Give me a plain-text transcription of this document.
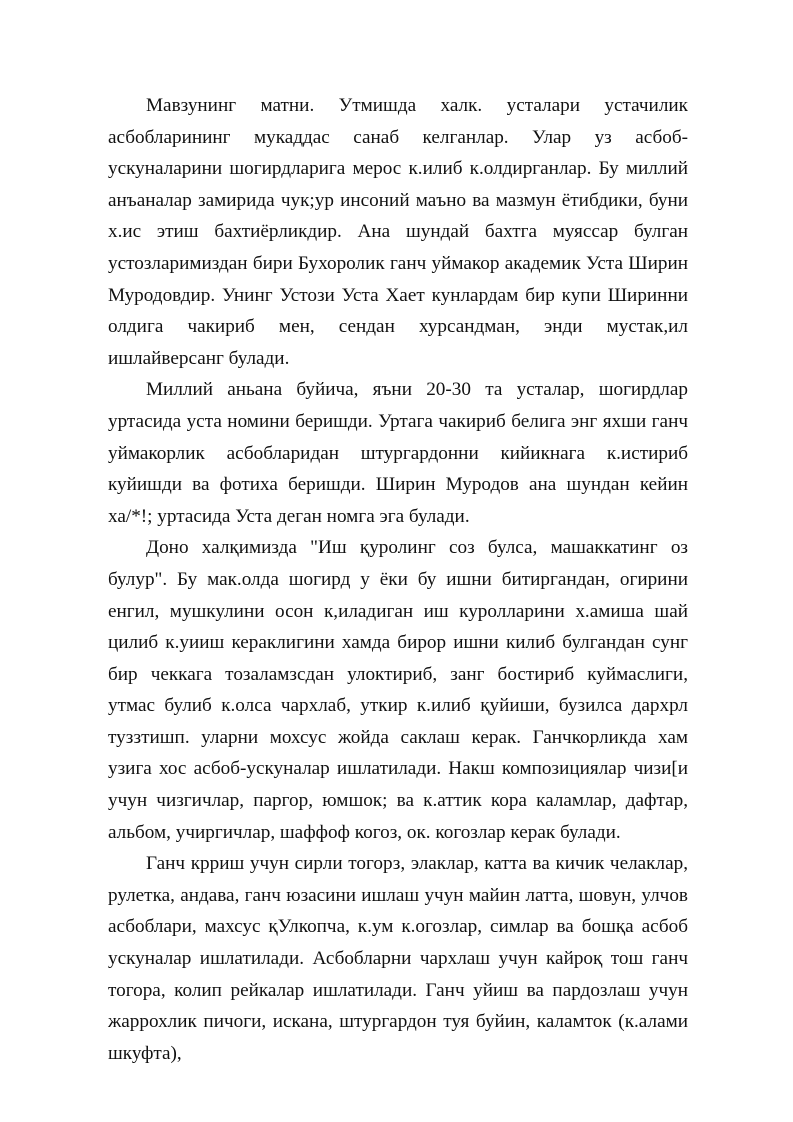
Мавзунинг матни. Утмишда халк. усталари устачилик асбобларининг мукаддас санаб келганлар. Улар уз асбоб-ускуналарини шогирдларига мерос к.илиб к.олдирганлар. Бу миллий анъаналар замирида чук;ур инсоний маъно ва мазмун ётибдики, буни х.ис этиш бахтиёрликдир. Ана шундай бахтга муяссар булган устозларимиздан бири Бухоролик ганч уймакор академик Уста Ширин Муродовдир. Унинг Устози Уста Хает кунлардам бир купи Ширинни олдига чакириб мен, сендан хурсандман, энди мустак,ил ишлайверсанг булади.

Миллий аньана буйича, яъни 20-30 та усталар, шогирдлар уртасида уста номини беришди. Уртага чакириб белига энг яхши ганч уймакорлик асбобларидан штургардонни кийикнага к.истириб куйишди ва фотиха беришди. Ширин Муродов ана шундан кейин ха/*!; уртасида Уста деган номга эга булади.

Доно халқимизда "Иш қуролинг соз булса, машаккатинг оз булур". Бу мак.олда шогирд у ёки бу ишни битиргандан, огирини енгил, мушкулини осон к,иладиган иш куролларини х.амиша шай цилиб к.уииш кераклигини хамда бирор ишни килиб булгандан сунг бир чеккага тозаламзсдан улоктириб, занг бостириб куймаслиги, утмас булиб к.олса чархлаб, уткир к.илиб қуйиши, бузилса дархрл туззтишп. уларни мохсус жойда саклаш керак. Ганчкорликда хам узига хос асбоб-ускуналар ишлатилади. Накш композициялар чизи[и учун чизгичлар, паргор, юмшок; ва к.аттик кора каламлар, дафтар, альбом, учиргичлар, шаффоф когоз, ок. когозлар керак булади.

Ганч крриш учун сирли тогорз, элаклар, катта ва кичик челаклар, рулетка, андава, ганч юзасини ишлаш учун майин латта, шовун, улчов асбоблари, махсус қУлкопча, к.ум к.огозлар, симлар ва бошқа асбоб ускуналар ишлатилади. Асбобларни чархлаш учун кайроқ тош ганч тогора, колип рейкалар ишлатилади. Ганч уйиш ва пардозлаш учун жаррохлик пичоги, искана, штургардон туя буйин, каламток (к.алами шкуфта),
